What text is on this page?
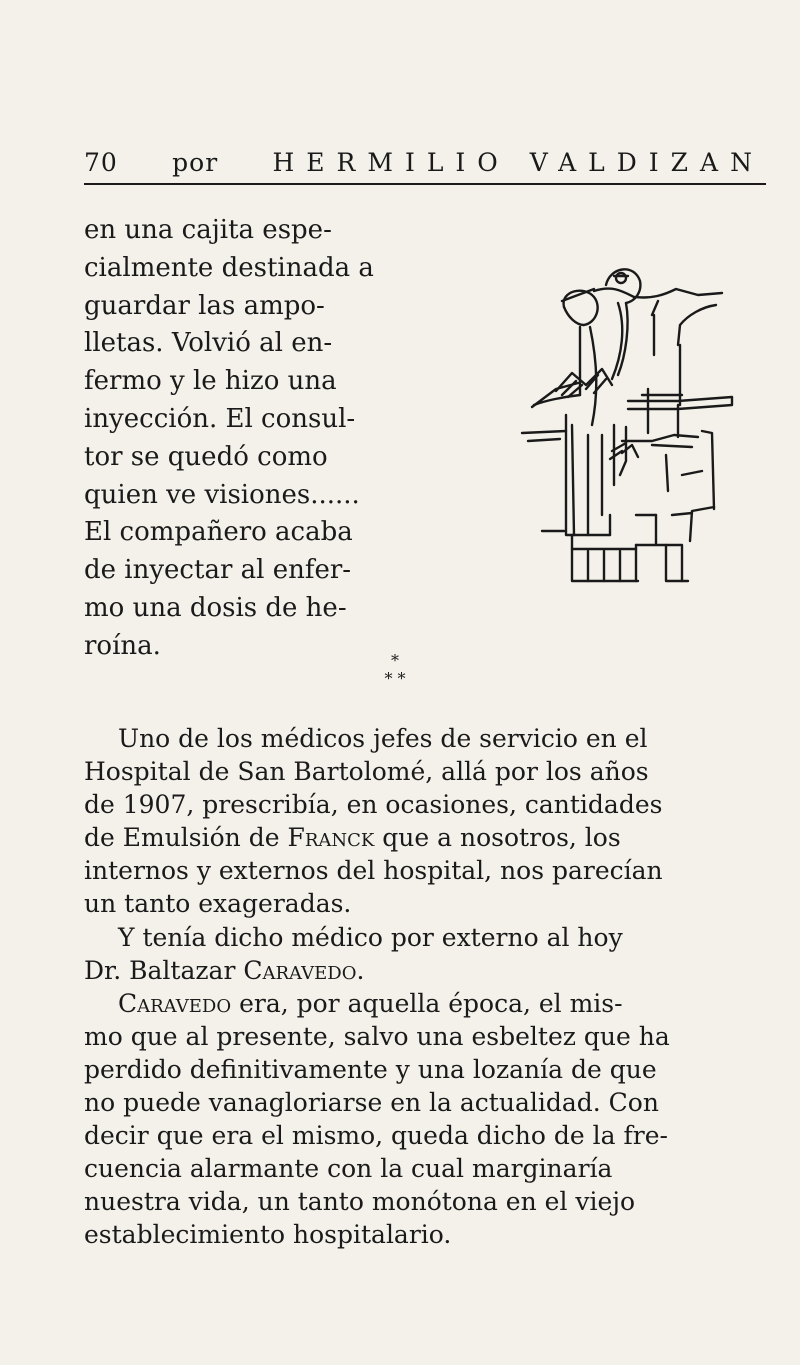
70 por HERMILIO VALDIZAN
en una cajita espe-
cialmente destinada a
guardar las ampo-
lletas. Volvió al en-
fermo y le hizo una
inyección. El consul-
tor se quedó como
quien ve visiones......
El compañero acaba
de inyectar al enfer-
mo una dosis de he-
roína.	*
* *
Uno de los médicos jefes de servicio en el
Hospital de San Bartolomé, allá por los años
de 1907, prescribía, en ocasiones, cantidades
de Emulsión de Franck que a nosotros, los
internos y externos del hospital, nos parecían
un tanto exageradas.
Y tenía dicho médico por externo al hoy
Dr. Baltazar Caravedo.
Caravedo era, por aquella época, el mis-
mo que al presente, salvo una esbeltez que ha
perdido definitivamente y una lozanía de que
no puede vanagloriarse en la actualidad. Con
decir que era el mismo, queda dicho de la fre-
cuencia alarmante con la cual marginaría
nuestra vida, un tanto monótona en el viejo
establecimiento hospitalario.
